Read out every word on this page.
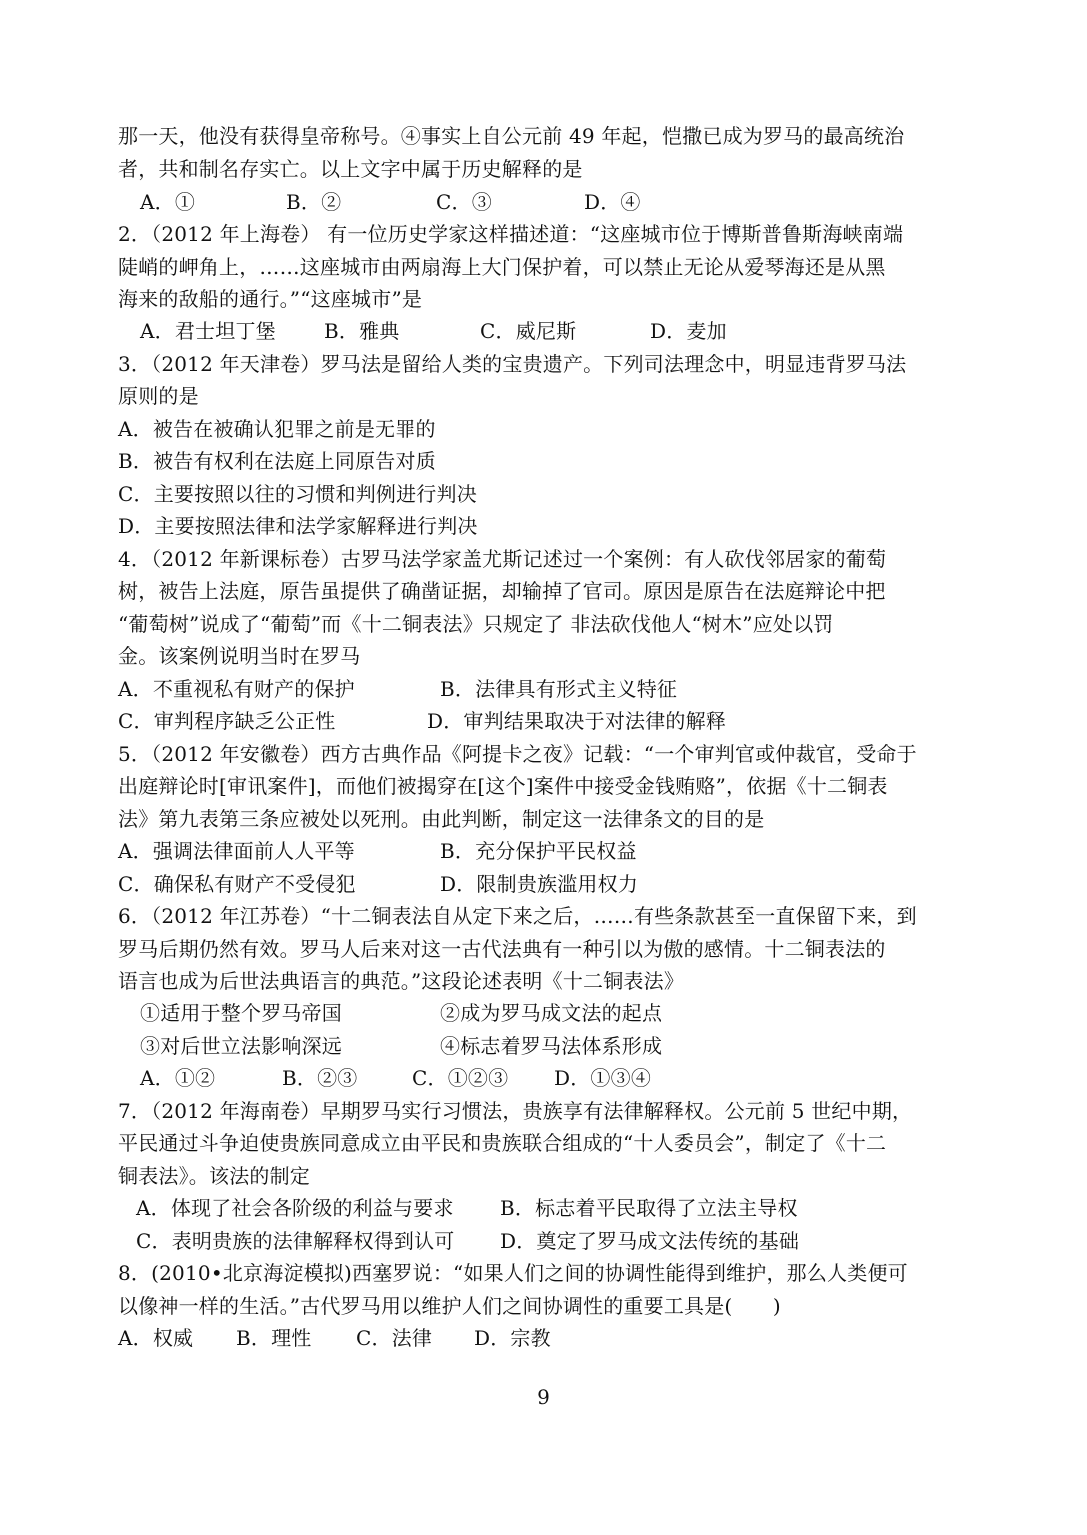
那一天，他没有获得皇帝称号。④事实上自公元前 49 年起，恺撒已成为罗马的最高统治
者，共和制名存实亡。以上文字中属于历史解释的是
A．①	B．②	C．③	D．④
2．（2012 年上海卷） 有一位历史学家这样描述道：“这座城市位于博斯普鲁斯海峡南端
陡峭的岬角上，……这座城市由两扇海上大门保护着，可以禁止无论从爱琴海还是从黑
海来的敌船的通行。”“这座城市”是
A．君士坦丁堡 B．雅典	C．威尼斯	D．麦加
3．（2012 年天津卷）罗马法是留给人类的宝贵遗产。下列司法理念中，明显违背罗马法
原则的是
A．被告在被确认犯罪之前是无罪的
B．被告有权利在法庭上同原告对质
C．主要按照以往的习惯和判例进行判决
D．主要按照法律和法学家解释进行判决
4．（2012 年新课标卷）古罗马法学家盖尤斯记述过一个案例：有人砍伐邻居家的葡萄
树，被告上法庭，原告虽提供了确凿证据，却输掉了官司。原因是原告在法庭辩论中把
“葡萄树”说成了“葡萄”而《十二铜表法》只规定了 非法砍伐他人“树木”应处以罚
金。该案例说明当时在罗马
A．不重视私有财产的保护	B．法律具有形式主义特征
C．审判程序缺乏公正性	D．审判结果取决于对法律的解释
5．（2012 年安徽卷）西方古典作品《阿提卡之夜》记载：“一个审判官或仲裁官，受命于
出庭辩论时[审讯案件]，而他们被揭穿在[这个]案件中接受金钱贿赂”，依据《十二铜表
法》第九表第三条应被处以死刑。由此判断，制定这一法律条文的目的是
A．强调法律面前人人平等	B．充分保护平民权益
C．确保私有财产不受侵犯	D．限制贵族滥用权力
6．（2012 年江苏卷）“十二铜表法自从定下来之后，……有些条款甚至一直保留下来，到
罗马后期仍然有效。罗马人后来对这一古代法典有一种引以为傲的感情。十二铜表法的
语言也成为后世法典语言的典范。”这段论述表明《十二铜表法》
①适用于整个罗马帝国	②成为罗马成文法的起点
③对后世立法影响深远	④标志着罗马法体系形成
A．①②	B．②③	C．①②③ D．①③④
7．（2012 年海南卷）早期罗马实行习惯法，贵族享有法律解释权。公元前 5 世纪中期，
平民通过斗争迫使贵族同意成立由平民和贵族联合组成的“十人委员会”，制定了《十二
铜表法》。该法的制定
A．体现了社会各阶级的利益与要求 B．标志着平民取得了立法主导权
C．表明贵族的法律解释权得到认可 D．奠定了罗马成文法传统的基础
8．(2010•北京海淀模拟)西塞罗说：“如果人们之间的协调性能得到维护，那么人类便可
以像神一样的生活。”古代罗马用以维护人们之间协调性的重要工具是(　　)
A．权威 B．理性 C．法律 D．宗教
9
